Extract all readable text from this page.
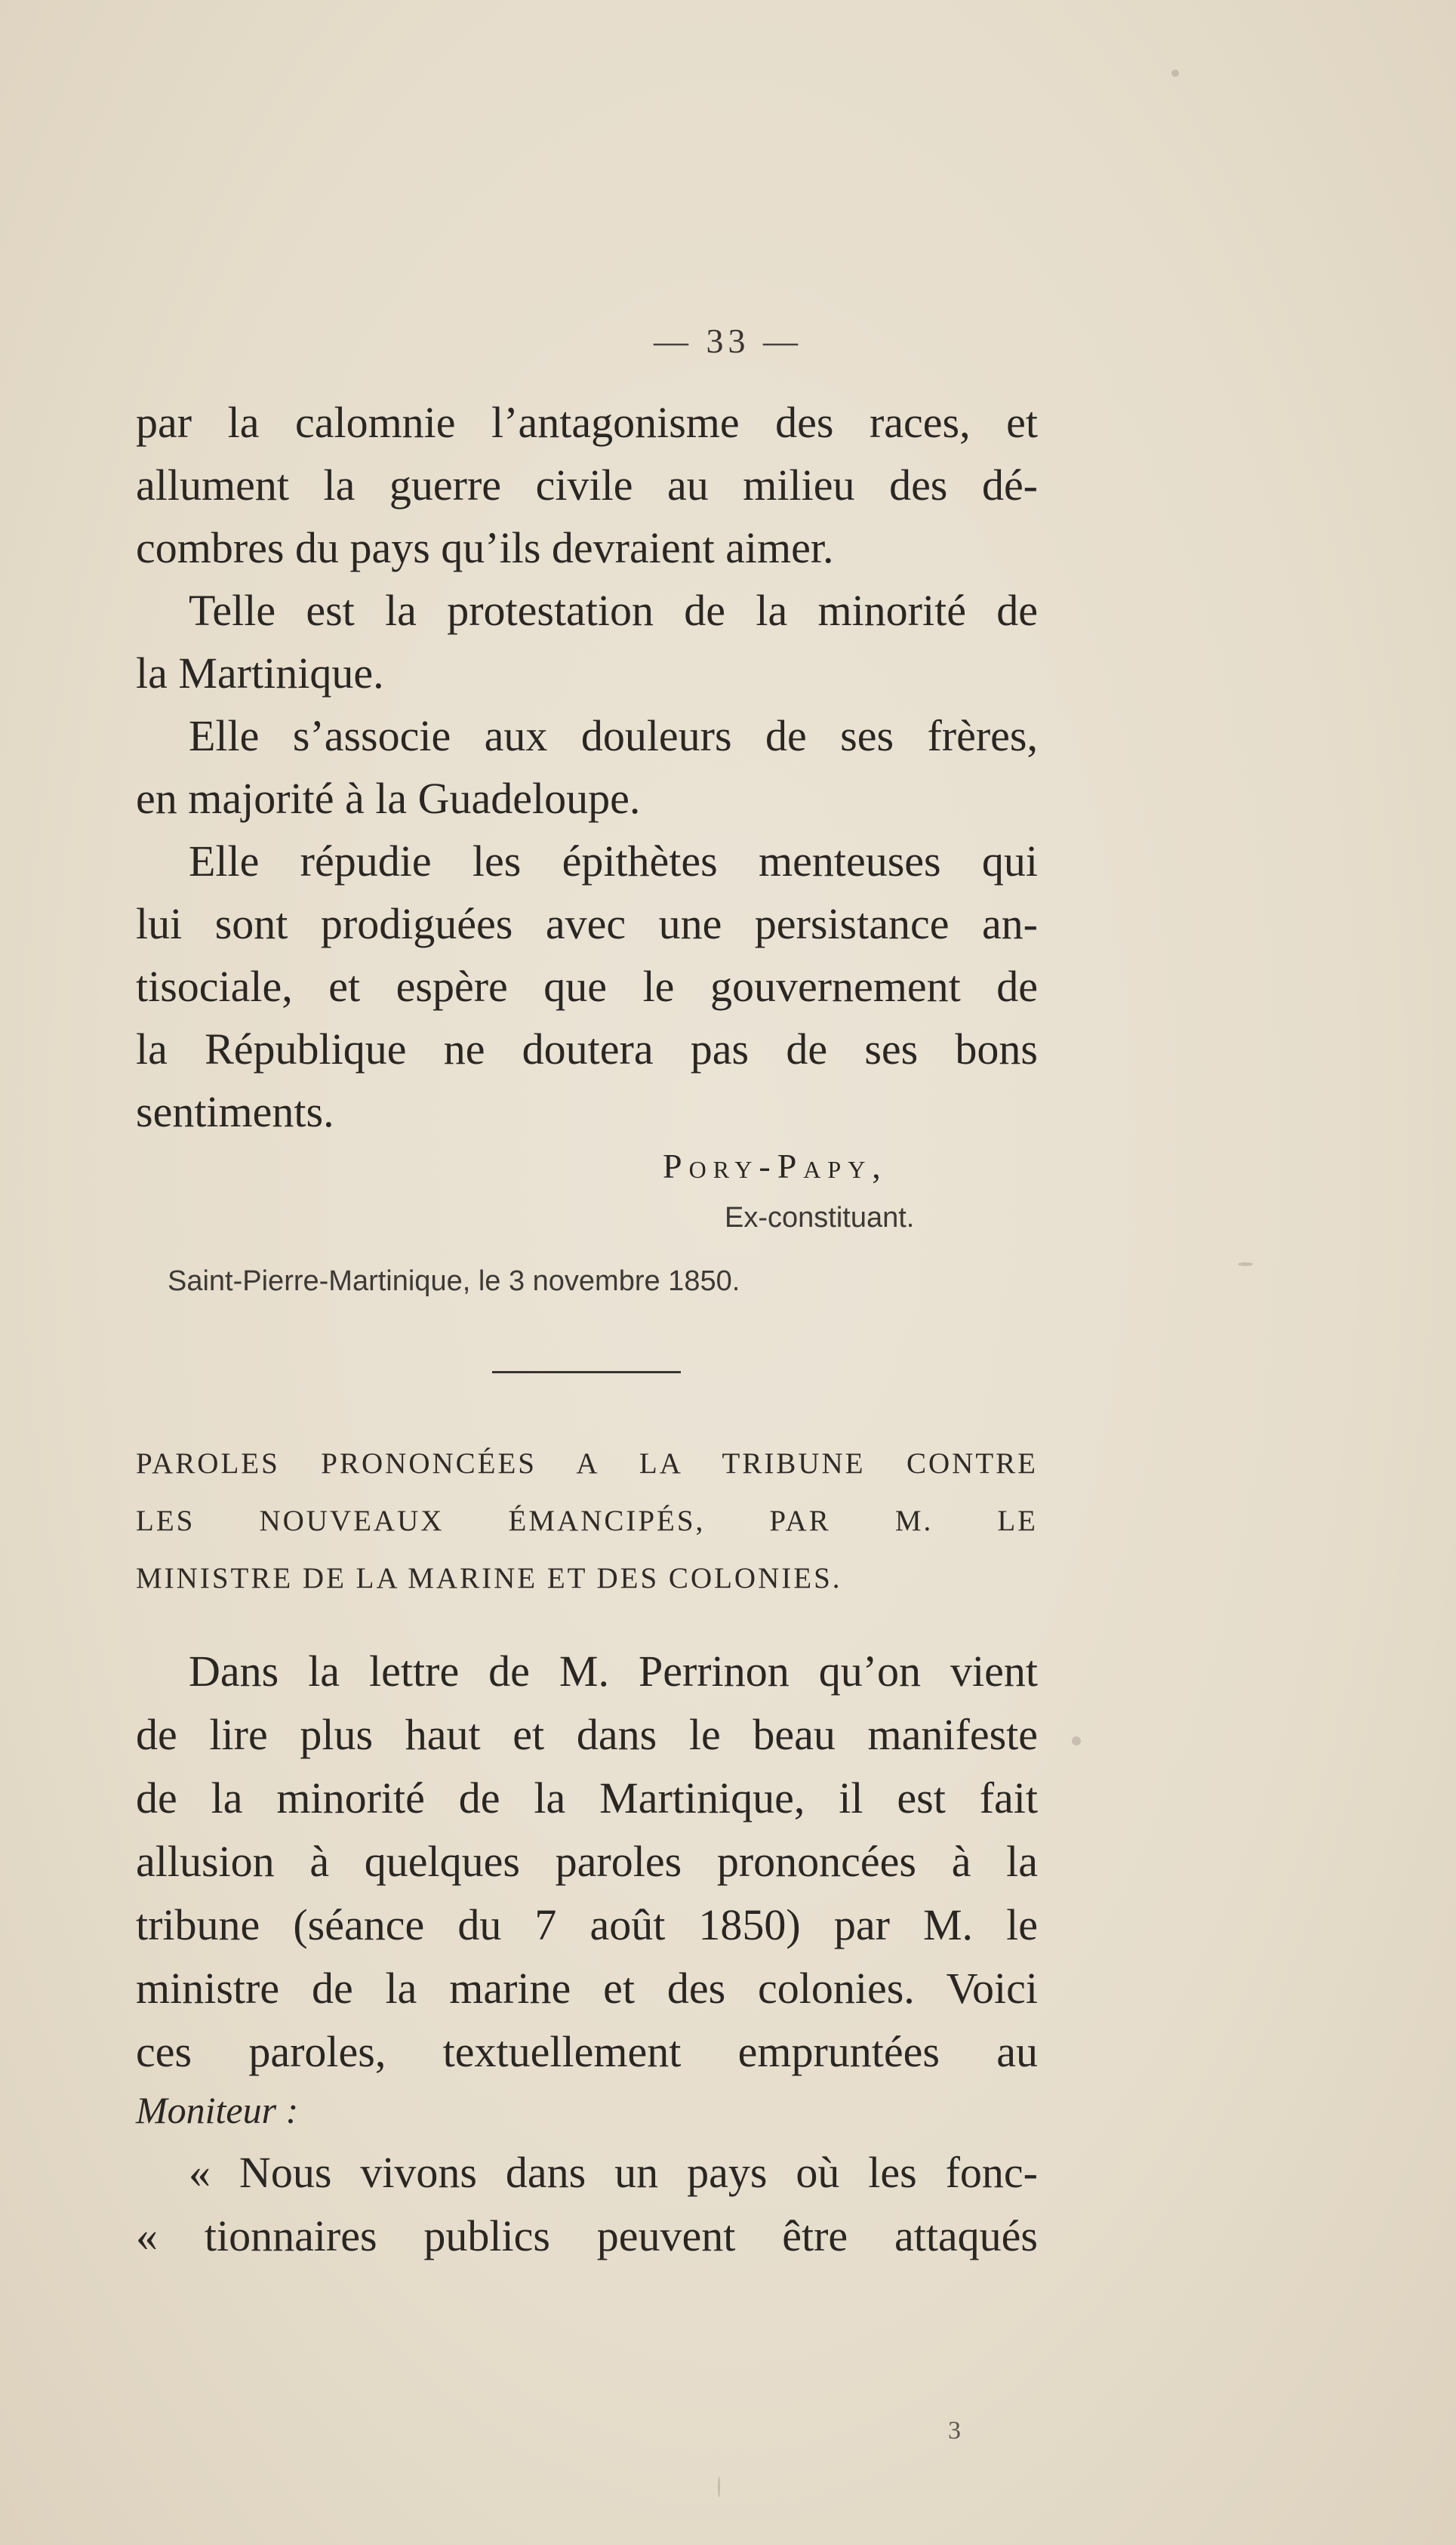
— 33 —
par la calomnie l’antagonisme des races, et
allument la guerre civile au milieu des dé-
combres du pays qu’ils devraient aimer.
Telle est la protestation de la minorité de
la Martinique.
Elle s’associe aux douleurs de ses frères,
en majorité à la Guadeloupe.
Elle répudie les épithètes menteuses qui
lui sont prodiguées avec une persistance an-
tisociale, et espère que le gouvernement de
la République ne doutera pas de ses bons
sentiments.
Pory-Papy,
Ex-constituant.
Saint-Pierre-Martinique, le 3 novembre 1850.
PAROLES PRONONCÉES A LA TRIBUNE CONTRE
LES NOUVEAUX ÉMANCIPÉS, PAR M. LE
MINISTRE DE LA MARINE ET DES COLONIES.
Dans la lettre de M. Perrinon qu’on vient
de lire plus haut et dans le beau manifeste
de la minorité de la Martinique, il est fait
allusion à quelques paroles prononcées à la
tribune (séance du 7 août 1850) par M. le
ministre de la marine et des colonies. Voici
ces paroles, textuellement empruntées au
Moniteur :
« Nous vivons dans un pays où les fonc-
« tionnaires publics peuvent être attaqués
3
